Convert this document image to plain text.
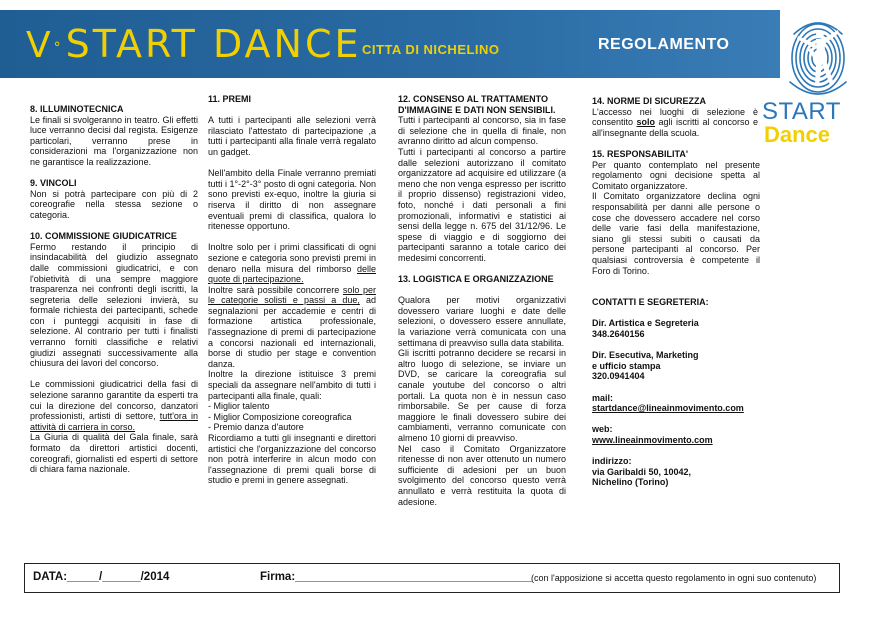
V°START DANCE CITTA DI NICHELINO	REGOLAMENTO
START
Dance

8. ILLUMINOTECNICA

Le finali si svolgeranno in teatro. Gli effetti luce verranno decisi dal regista. Esigenze particolari, verranno prese in considerazioni ma l'organizzazione non ne garantisce la realizzazione.

9. VINCOLI

Non si potrà partecipare con più di 2 coreografie nella stessa sezione o categoria.

10. COMMISSIONE GIUDICATRICE

Fermo restando il principio di insindacabilità del giudizio assegnato dalle commissioni giudicatrici, e con l'obietività di una sempre maggiore trasparenza nei confronti degli iscritti, la segreteria delle selezioni invierà, su formale richiesta dei partecipanti, schede con i punteggi acquisiti in fase di selezione. Al contrario per tutti i finalisti verranno forniti classifiche e relativi giudizi assegnati successivamente alla chiusura dei lavori del concorso.

Le commissioni giudicatrici della fasi di selezione saranno garantite da esperti tra cui la direzione del concorso, danzatori professionisti, artisti di settore, tutt'ora in attività di carriera in corso.

La Giuria di qualità del Gala finale, sarà formato da direttori artistici docenti, coreografi, giornalisti ed esperti di settore di chiara fama nazionale.

11. PREMI

A tutti i partecipanti alle selezioni verrà rilasciato l'attestato di partecipazione ,a tutti i partecipanti alla finale verrà regalato un gadget.

Nell'ambito della Finale verranno premiati tutti i 1°-2°-3° posto di ogni categoria. Non sono previsti ex-equo, inoltre la giuria si riserva il diritto di non assegnare eventuali premi di classifica, qualora lo ritenesse opportuno.

Inoltre solo per i primi classificati di ogni sezione e categoria sono previsti premi in denaro nella misura del rimborso delle quote di partecipazione.

Inoltre sarà possibile concorrere solo per le categorie solisti e passi a due, ad segnalazioni per accademie e centri di formazione artistica professionale, l'assegnazione di premi di partecipazione a concorsi nazionali ed internazionali, borse di studio per stage e convention danza.

Inoltre la direzione istituisce 3 premi speciali da assegnare nell'ambito di tutti i partecipanti alla finale, quali:

- Miglior talento

- Miglior Composizione coreografica

- Premio danza d'autore

Ricordiamo a tutti gli insegnanti e direttori artistici che l'organizzazione del concorso non potrà interferire in alcun modo con l'assegnazione di premi quali borse di studio e premi in genere assegnati.

12. CONSENSO AL TRATTAMENTO D'IMMAGINE E DATI NON SENSIBILI.

Tutti i partecipanti al concorso, sia in fase di selezione che in quella di finale, non avranno diritto ad alcun compenso.

Tutti i partecipanti al concorso a partire dalle selezioni autorizzano il comitato organizzatore ad acquisire ed utilizzare (a meno che non venga espresso per iscritto il proprio dissenso) registrazioni video, foto, nonché i dati personali a fini promozionali, informativi e statistici ai sensi della legge n. 675 del 31/12/96. Le spese di viaggio e di soggiorno dei partecipanti saranno a totale carico dei medesimi concorrenti.

13. LOGISTICA E ORGANIZZAZIONE

Qualora per motivi organizzativi dovessero variare luoghi e date delle selezioni, o dovessero essere annullate, la variazione verrà comunicata con una settimana di preavviso sulla data stabilita.

Gli iscritti potranno decidere se recarsi in altro luogo di selezione, se inviare un DVD, se caricare la coreografia sul canale youtube del concorso o altri portali. La quota non è in nessun caso rimborsabile. Se per cause di forza maggiore le finali dovessero subire dei cambiamenti, verranno comunicate con almeno 10 giorni di preavviso.

Nel caso il Comitato Organizzatore ritenesse di non aver ottenuto un numero sufficiente di adesioni per un buon svolgimento del concorso questo verrà annullato e verrà restituita la quota di adesione.

14. NORME DI SICUREZZA

L'accesso nei luoghi di selezione è consentito solo agli iscritti al concorso e all'insegnante della scuola.

15. RESPONSABILITA'

Per quanto contemplato nel presente regolamento ogni decisione spetta al Comitato organizzatore.

Il Comitato organizzatore declina ogni responsabilità per danni alle persone o cose che dovessero accadere nel corso delle varie fasi della manifestazione, siano gli stessi subiti o causati da persone partecipanti al concorso. Per qualsiasi controversia è competente il Foro di Torino.

CONTATTI E SEGRETERIA:

Dir. Artistica e Segreteria

348.2640156

Dir. Esecutiva, Marketing

e ufficio stampa

320.0941404

mail:

startdance@lineainmovimento.com

web:

www.lineainmovimento.com

indirizzo:

via Garibaldi 50, 10042,

Nichelino (Torino)

DATA:_____/______/2014	Firma:_____________________________________ (con l'apposizione si accetta questo regolamento in ogni suo contenuto)
